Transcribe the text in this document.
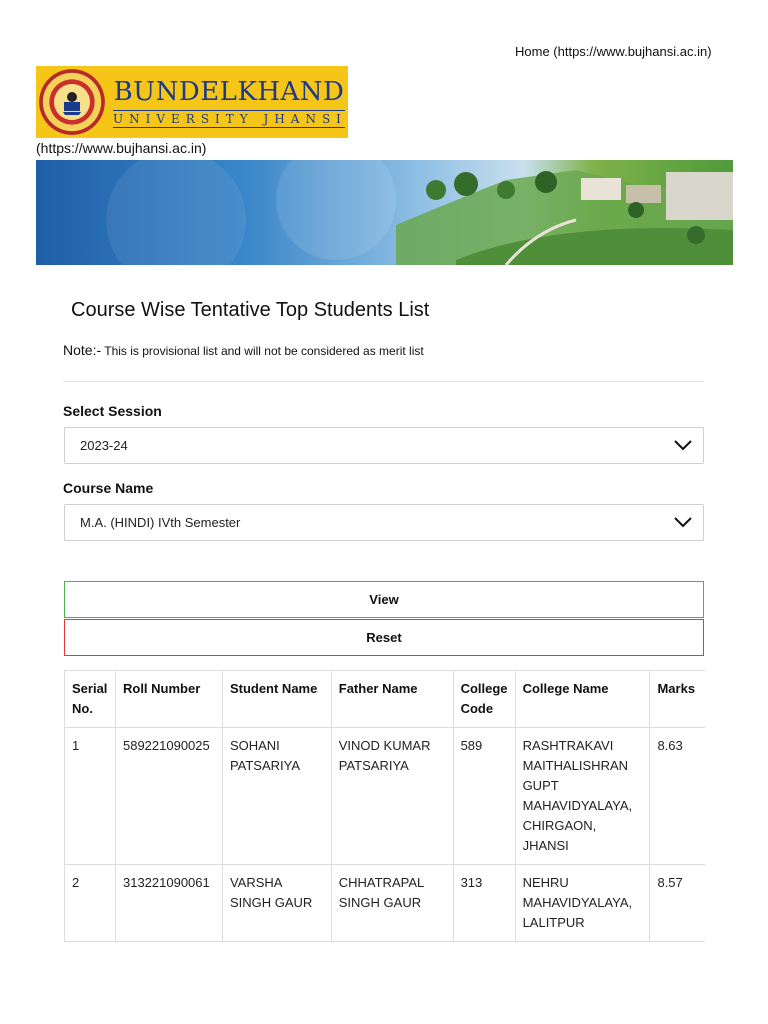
Home (https://www.bujhansi.ac.in)
BUNDELKHAND
UNIVERSITY JHANSI
(https://www.bujhansi.ac.in)
Course Wise Tentative Top Students List
Note:- This is provisional list and will not be considered as merit list
Select Session
2023-24
Course Name
M.A. (HINDI) IVth Semester
View
Reset
Serial No.	Roll Number	Student Name	Father Name	College Code	College Name	Marks
1	589221090025	SOHANI PATSARIYA	VINOD KUMAR PATSARIYA	589	RASHTRAKAVI MAITHALISHRAN GUPT MAHAVIDYALAYA, CHIRGAON, JHANSI	8.63
2	313221090061	VARSHA SINGH GAUR	CHHATRAPAL SINGH GAUR	313	NEHRU MAHAVIDYALAYA, LALITPUR	8.57
